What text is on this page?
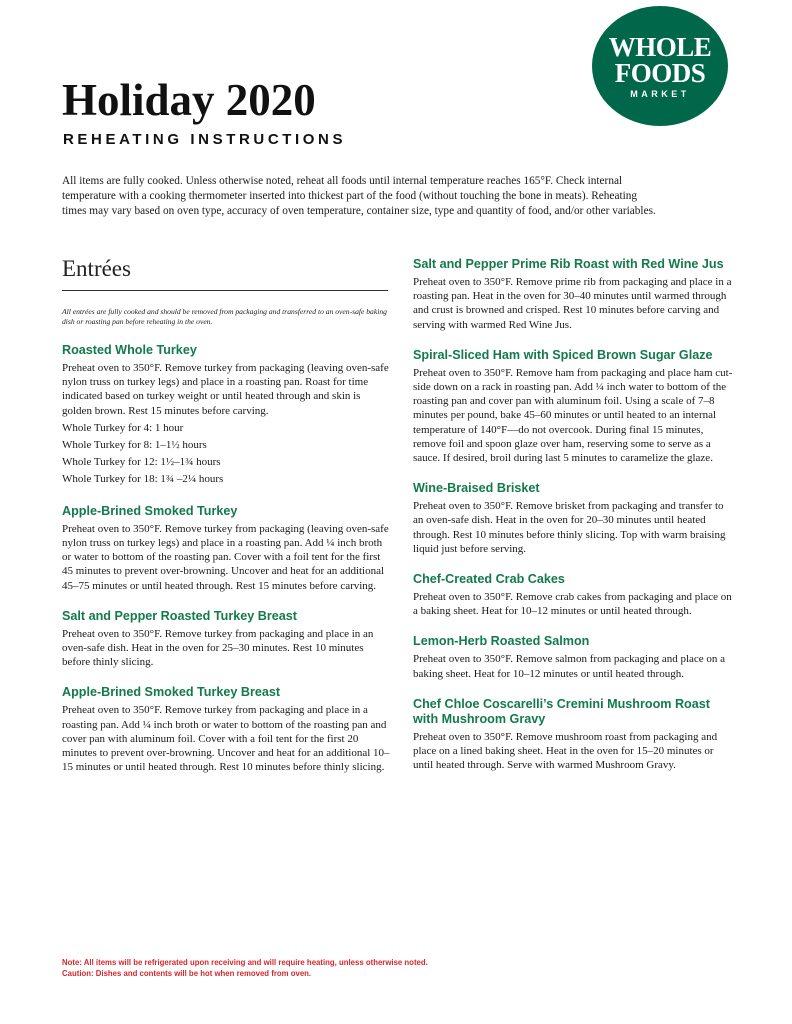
WHOLE
FOODS
MARKET
Holiday 2020
REHEATING INSTRUCTIONS

All items are fully cooked. Unless otherwise noted, reheat all foods until internal temperature reaches 165°F. Check internal temperature with a cooking thermometer inserted into thickest part of the food (without touching the bone in meats). Reheating times may vary based on oven type, accuracy of oven temperature, container size, type and quantity of food, and/or other variables.

Entrées

All entrées are fully cooked and should be removed from packaging and transferred to an oven-safe baking dish or roasting pan before reheating in the oven.

Roasted Whole Turkey

Preheat oven to 350°F. Remove turkey from packaging (leaving oven-safe nylon truss on turkey legs) and place in a roasting pan. Roast for time indicated based on turkey weight or until heated through and skin is golden brown. Rest 15 minutes before carving.

Whole Turkey for 4: 1 hour
Whole Turkey for 8: 1–1½ hours
Whole Turkey for 12: 1½–1¾ hours
Whole Turkey for 18: 1¾ –2¼ hours
Apple-Brined Smoked Turkey

Preheat oven to 350°F. Remove turkey from packaging (leaving oven-safe nylon truss on turkey legs) and place in a roasting pan. Add ¼ inch broth or water to bottom of the roasting pan. Cover with a foil tent for the first 45 minutes to prevent over-browning. Uncover and heat for an additional 45–75 minutes or until heated through. Rest 15 minutes before carving.

Salt and Pepper Roasted Turkey Breast

Preheat oven to 350°F. Remove turkey from packaging and place in an oven-safe dish. Heat in the oven for 25–30 minutes. Rest 10 minutes before thinly slicing.

Apple-Brined Smoked Turkey Breast

Preheat oven to 350°F. Remove turkey from packaging and place in a roasting pan. Add ¼ inch broth or water to bottom of the roasting pan and cover pan with aluminum foil. Cover with a foil tent for the first 20 minutes to prevent over-browning. Uncover and heat for an additional 10–15 minutes or until heated through. Rest 10 minutes before thinly slicing.

Salt and Pepper Prime Rib Roast with Red Wine Jus

Preheat oven to 350°F. Remove prime rib from packaging and place in a roasting pan. Heat in the oven for 30–40 minutes until warmed through and crust is browned and crisped. Rest 10 minutes before carving and serving with warmed Red Wine Jus.

Spiral-Sliced Ham with Spiced Brown Sugar Glaze

Preheat oven to 350°F. Remove ham from packaging and place ham cut-side down on a rack in roasting pan. Add ¼ inch water to bottom of the roasting pan and cover pan with aluminum foil. Using a scale of 7–8 minutes per pound, bake 45–60 minutes or until heated to an internal temperature of 140°F—do not overcook. During final 15 minutes, remove foil and spoon glaze over ham, reserving some to serve as a sauce. If desired, broil during last 5 minutes to caramelize the glaze.

Wine-Braised Brisket

Preheat oven to 350°F. Remove brisket from packaging and transfer to an oven-safe dish. Heat in the oven for 20–30 minutes until heated through. Rest 10 minutes before thinly slicing. Top with warm braising liquid just before serving.

Chef-Created Crab Cakes

Preheat oven to 350°F. Remove crab cakes from packaging and place on a baking sheet. Heat for 10–12 minutes or until heated through.

Lemon-Herb Roasted Salmon

Preheat oven to 350°F. Remove salmon from packaging and place on a baking sheet. Heat for 10–12 minutes or until heated through.

Chef Chloe Coscarelli’s Cremini Mushroom Roast with Mushroom Gravy

Preheat oven to 350°F. Remove mushroom roast from packaging and place on a lined baking sheet. Heat in the oven for 15–20 minutes or until heated through. Serve with warmed Mushroom Gravy.

Note: All items will be refrigerated upon receiving and will require heating, unless otherwise noted.
Caution: Dishes and contents will be hot when removed from oven.
